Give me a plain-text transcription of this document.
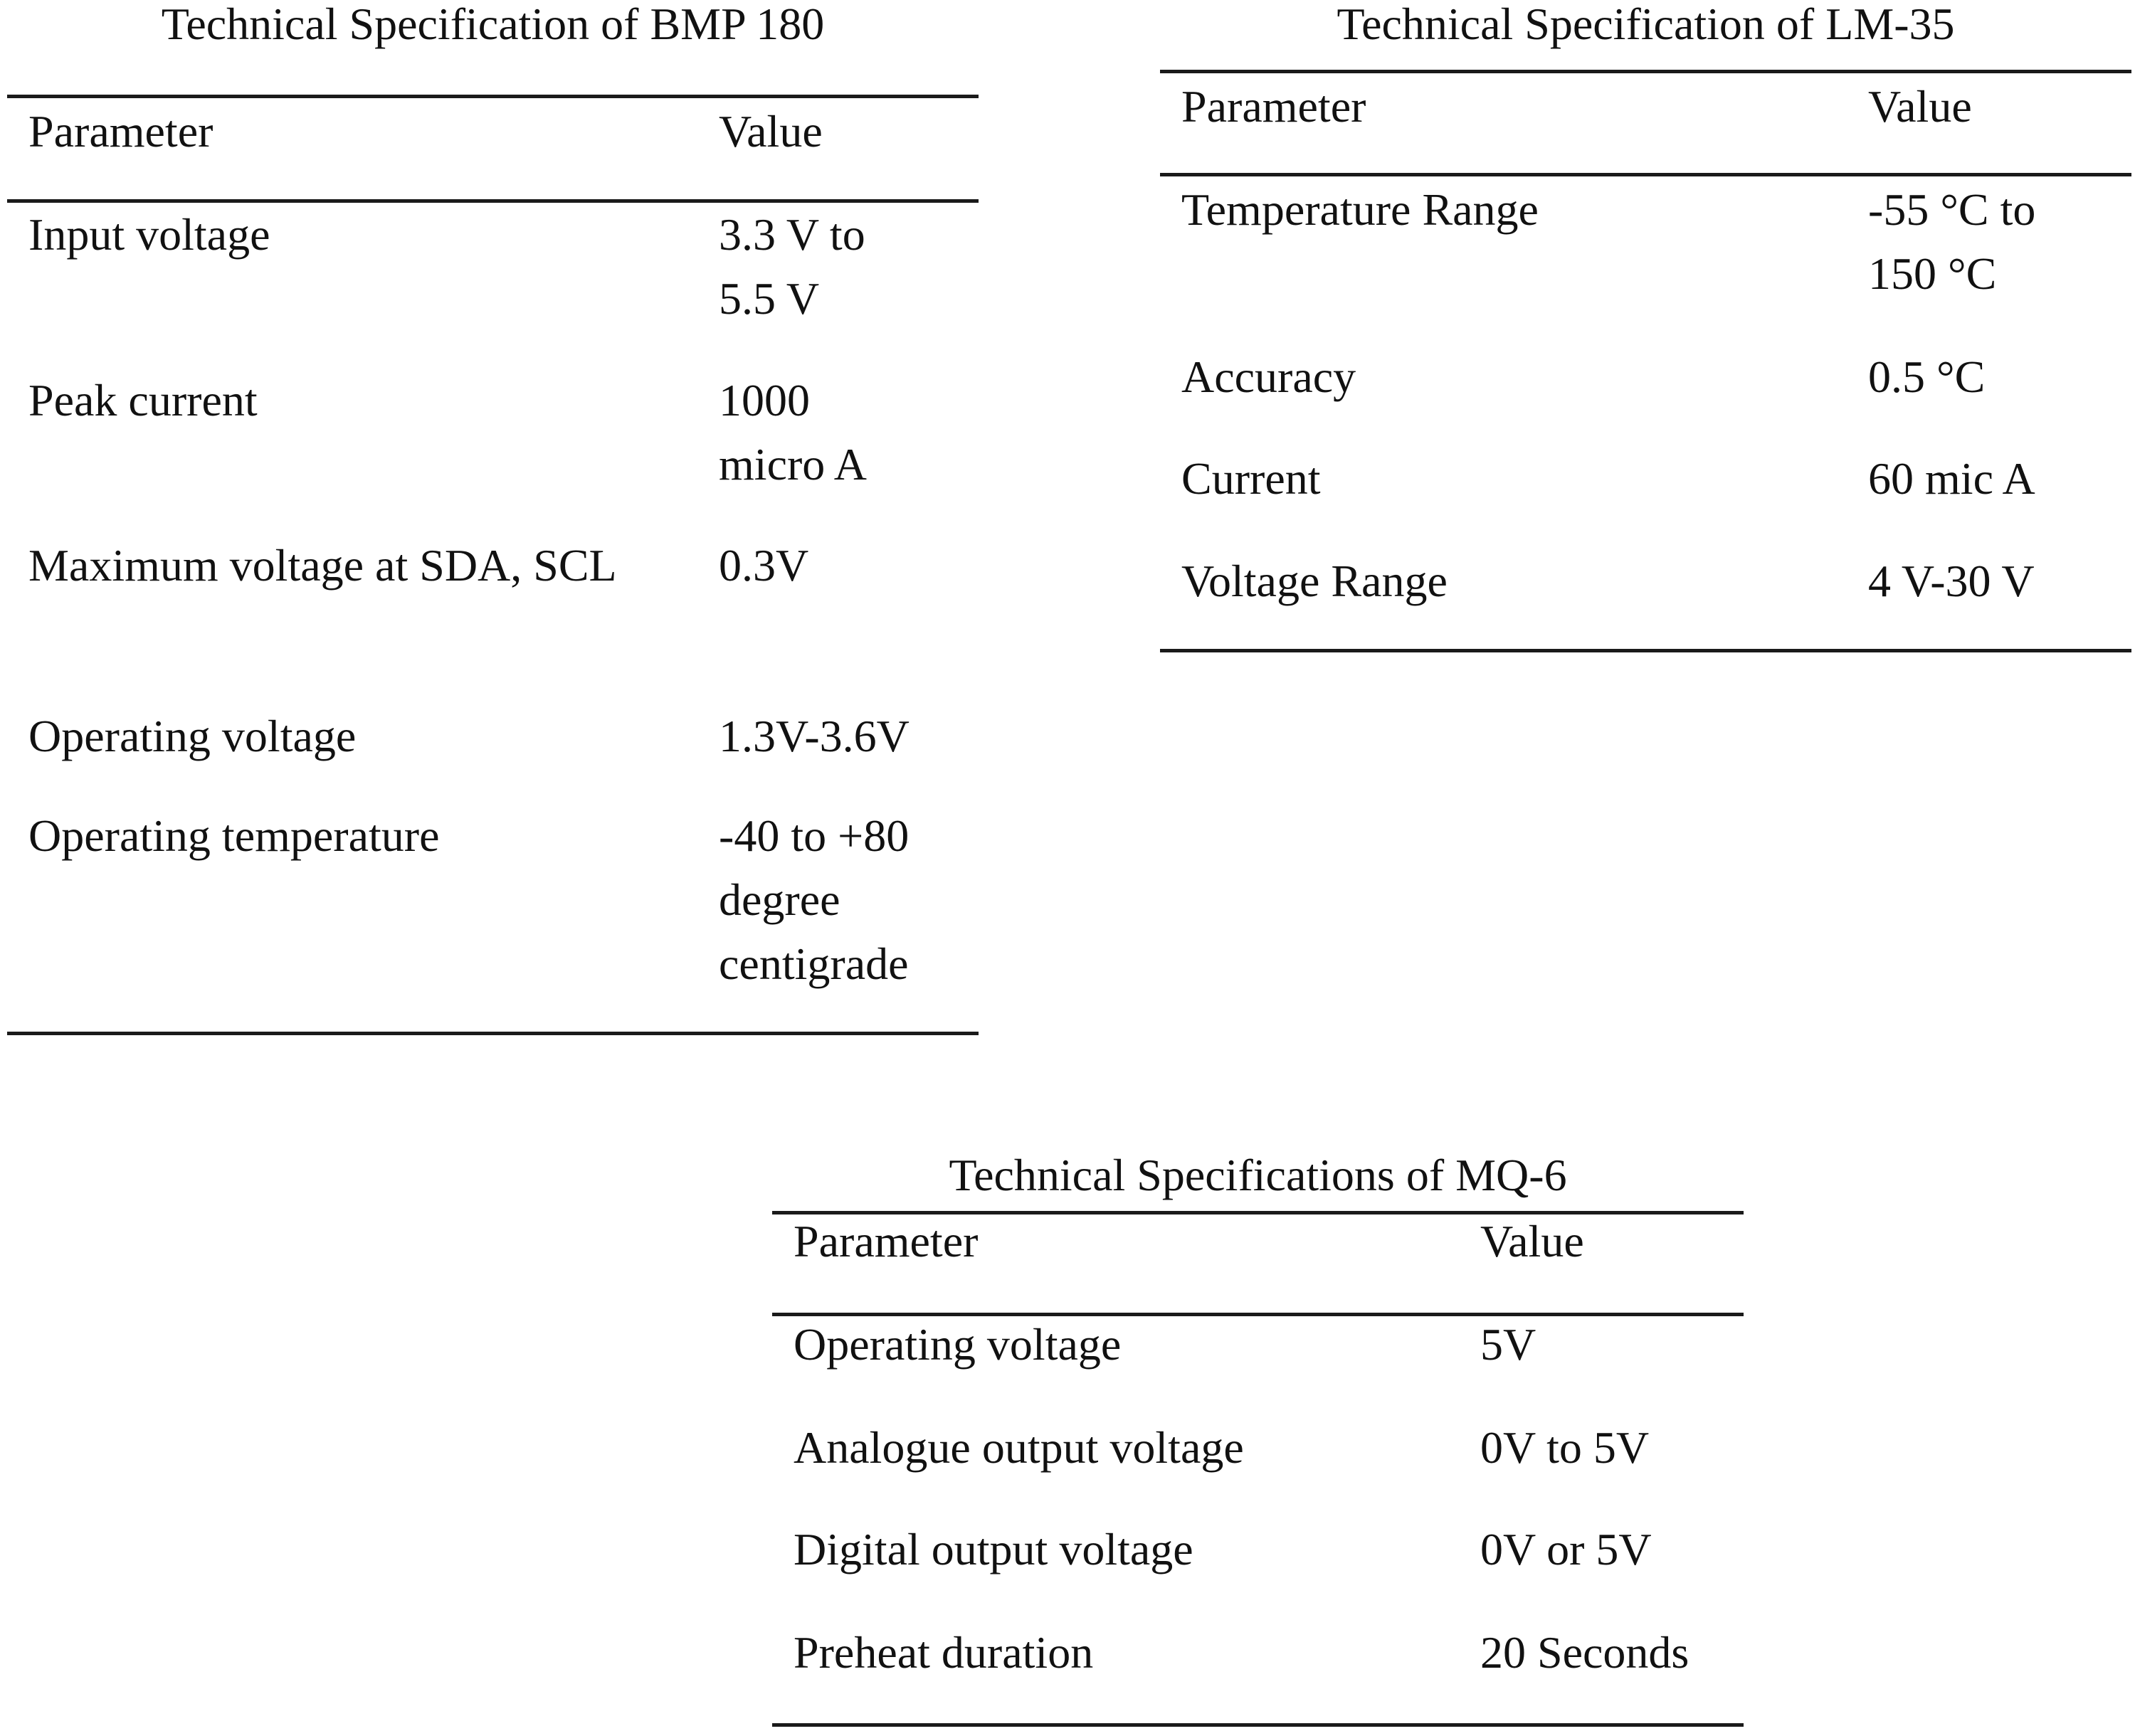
Technical Specification of BMP 180
Parameter	Value
Input voltage	3.3 V to 5.5 V
Peak current	1000 micro A
Maximum voltage at SDA, SCL	0.3V
Operating voltage	1.3V-3.6V
Operating temperature	-40 to +80 degree centigrade
Technical Specification of LM-35
Parameter	Value
Temperature Range	-55 °C to 150 °C
Accuracy	0.5 °C
Current	60 mic A
Voltage Range	4 V-30 V
Technical Specifications of MQ-6
Parameter	Value
Operating voltage	5V
Analogue output voltage	0V to 5V
Digital output voltage	0V or 5V
Preheat duration	20 Seconds
